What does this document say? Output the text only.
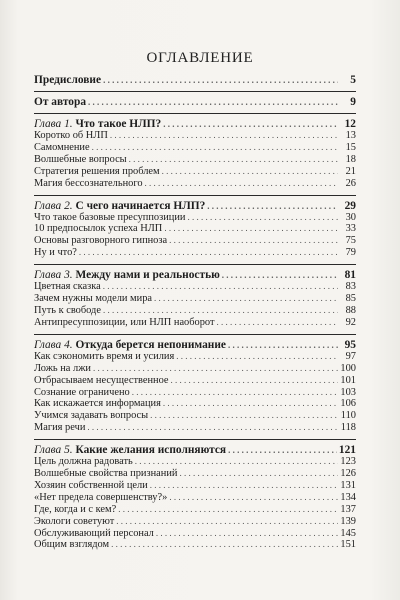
ОГЛАВЛЕНИЕ
Предисловие . . .	5
От автора . . .	9
Глава 1. Что такое НЛП? . . .	12
Коротко об НЛП . . .	13
Самомнение . . .	15
Волшебные вопросы . . .	18
Стратегия решения проблем . . .	21
Магия бессознательного . . .	26
Глава 2. С чего начинается НЛП? . . .	29
Что такое базовые пресуппозиции . . .	30
10 предпосылок успеха НЛП . . .	33
Основы разговорного гипноза . . .	75
Ну и что? . . .	79
Глава 3. Между нами и реальностью . . .	81
Цветная сказка . . .	83
Зачем нужны модели мира . . .	85
Путь к свободе . . .	88
Антипресуппозиции, или НЛП наоборот . . .	92
Глава 4. Откуда берется непонимание . . .	95
Как сэкономить время и усилия . . .	97
Ложь на лжи . . .	100
Отбрасываем несущественное . . .	101
Сознание ограничено . . .	103
Как искажается информация . . .	106
Учимся задавать вопросы . . .	110
Магия речи . . .	118
Глава 5. Какие желания исполняются . . .	121
Цель должна радовать . . .	123
Волшебные свойства признаний . . .	126
Хозяин собственной цели . . .	131
«Нет предела совершенству?» . . .	134
Где, когда и с кем? . . .	137
Экологи советуют . . .	139
Обслуживающий персонал . . .	145
Общим взглядом . . .	151
